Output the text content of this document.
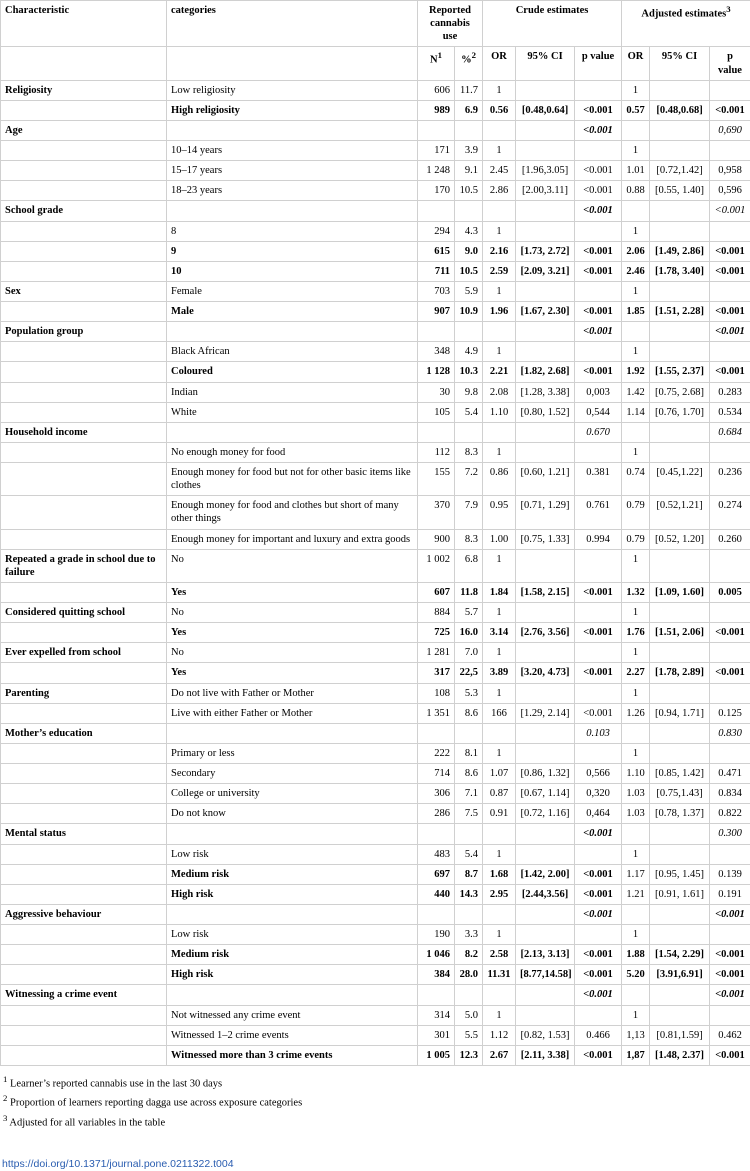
Characteristic	categories	Reported cannabis use		Crude estimates			Adjusted estimates$^3$
		$N^1$	%$^2$	OR	95% CI	p value	OR	95% CI	p value
Religiosity	Low religiosity	606	11.7	1			1		
	High religiosity	989	6.9	0.56	[0.48,0.64]	<0.001	0.57	[0.48,0.68]	<0.001
Age						<0.001			0,690
	10–14 years	171	3.9	1			1		
	15–17 years	1 248	9.1	2.45	[1.96,3.05]	<0.001	1.01	[0.72,1.42]	0,958
	18–23 years	170	10.5	2.86	[2.00,3.11]	<0.001	0.88	[0.55, 1.40]	0,596
School grade						<0.001			<0.001
	8	294	4.3	1			1		
	9	615	9.0	2.16	[1.73, 2.72]	<0.001	2.06	[1.49, 2.86]	<0.001
	10	711	10.5	2.59	[2.09, 3.21]	<0.001	2.46	[1.78, 3.40]	<0.001
Sex	Female	703	5.9	1			1		
	Male	907	10.9	1.96	[1.67, 2.30]	<0.001	1.85	[1.51, 2.28]	<0.001
Population group						<0.001			<0.001
	Black African	348	4.9	1			1		
	Coloured	1 128	10.3	2.21	[1.82, 2.68]	<0.001	1.92	[1.55, 2.37]	<0.001
	Indian	30	9.8	2.08	[1.28, 3.38]	0,003	1.42	[0.75, 2.68]	0.283
	White	105	5.4	1.10	[0.80, 1.52]	0,544	1.14	[0.76, 1.70]	0.534
Household income						0.670			0.684
	No enough money for food	112	8.3	1			1		
	Enough money for food but not for other basic items like clothes	155	7.2	0.86	[0.60, 1.21]	0.381	0.74	[0.45,1.22]	0.236
	Enough money for food and clothes but short of many other things	370	7.9	0.95	[0.71, 1.29]	0.761	0.79	[0.52,1.21]	0.274
	Enough money for important and luxury and extra goods	900	8.3	1.00	[0.75, 1.33]	0.994	0.79	[0.52, 1.20]	0.260
Repeated a grade in school due to failure	No	1 002	6.8	1			1		
	Yes	607	11.8	1.84	[1.58, 2.15]	<0.001	1.32	[1.09, 1.60]	0.005
Considered quitting school	No	884	5.7	1			1		
	Yes	725	16.0	3.14	[2.76, 3.56]	<0.001	1.76	[1.51, 2.06]	<0.001
Ever expelled from school	No	1 281	7.0	1			1		
	Yes	317	22,5	3.89	[3.20, 4.73]	<0.001	2.27	[1.78, 2.89]	<0.001
Parenting	Do not live with Father or Mother	108	5.3	1			1		
	Live with either Father or Mother	1 351	8.6	166	[1.29, 2.14]	<0.001	1.26	[0.94, 1.71]	0.125
Mother’s education						0.103			0.830
	Primary or less	222	8.1	1			1		
	Secondary	714	8.6	1.07	[0.86, 1.32]	0,566	1.10	[0.85, 1.42]	0.471
	College or university	306	7.1	0.87	[0.67, 1.14]	0,320	1.03	[0.75,1.43]	0.834
	Do not know	286	7.5	0.91	[0.72, 1.16]	0,464	1.03	[0.78, 1.37]	0.822
Mental status						<0.001			0.300
	Low risk	483	5.4	1			1		
	Medium risk	697	8.7	1.68	[1.42, 2.00]	<0.001	1.17	[0.95, 1.45]	0.139
	High risk	440	14.3	2.95	[2.44,3.56]	<0.001	1.21	[0.91, 1.61]	0.191
Aggressive behaviour						<0.001			<0.001
	Low risk	190	3.3	1			1		
	Medium risk	1 046	8.2	2.58	[2.13, 3.13]	<0.001	1.88	[1.54, 2.29]	<0.001
	High risk	384	28.0	11.31	[8.77,14.58]	<0.001	5.20	[3.91,6.91]	<0.001
Witnessing a crime event						<0.001			<0.001
	Not witnessed any crime event	314	5.0	1			1		
	Witnessed 1–2 crime events	301	5.5	1.12	[0.82, 1.53]	0.466	1,13	[0.81,1.59]	0.462
	Witnessed more than 3 crime events	1 005	12.3	2.67	[2.11, 3.38]	<0.001	1,87	[1.48, 2.37]	<0.001
$^1$ Learner’s reported cannabis use in the last 30 days
$^2$ Proportion of learners reporting dagga use across exposure categories
$^3$ Adjusted for all variables in the table
https://doi.org/10.1371/journal.pone.0211322.t004
